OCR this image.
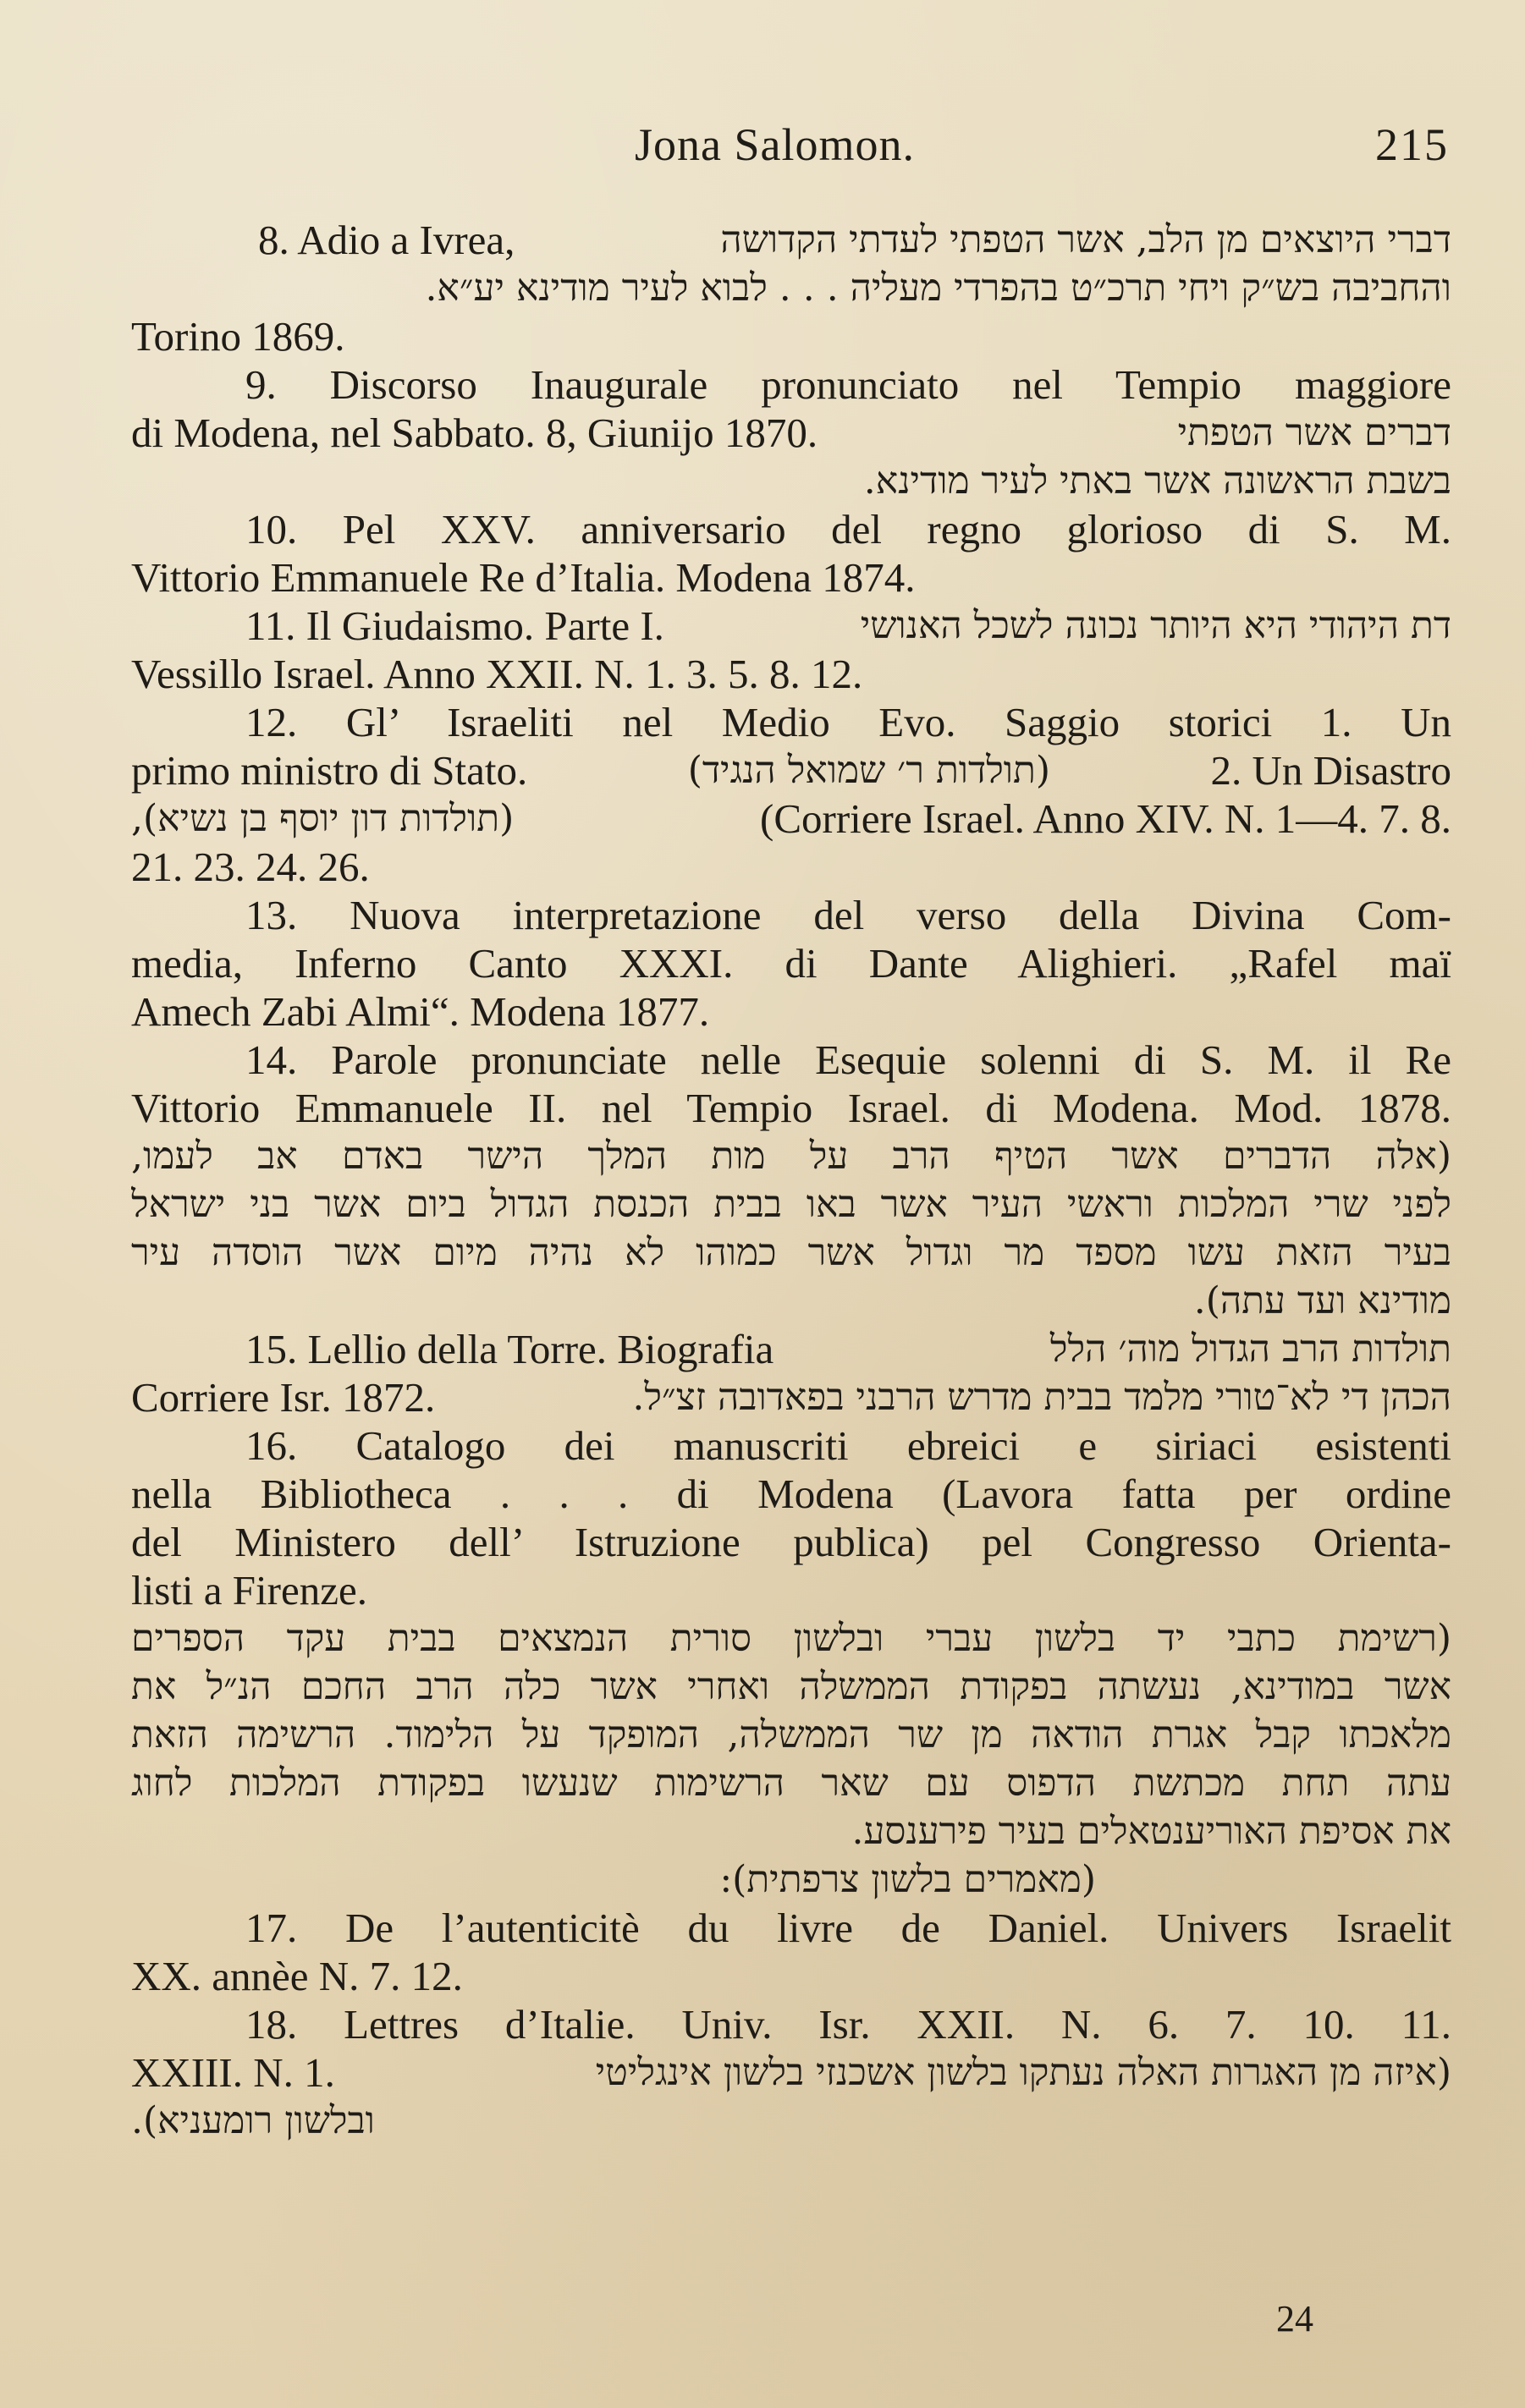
Jona Salomon.	215
8. Adio a Ivrea,	דברי היוצאים מן הלב, אשר הטפתי לעדתי הקדושה
והחביבה בש״ק ויחי תרכ״ט בהפרדי מעליה . . . לבוא לעיר מודינא יע״א.
Torino 1869.
9. Discorso Inaugurale pronunciato nel Tempio maggiore
di Modena, nel Sabbato. 8, Giunijo 1870.	דברים אשר הטפתי
בשבת הראשונה אשר באתי לעיר מודינא.
10. Pel XXV. anniversario del regno glorioso di S. M.
Vittorio Emmanuele Re d’Italia. Modena 1874.
11. Il Giudaismo. Parte I.	דת היהודי היא היותר נכונה לשכל האנושי
Vessillo Israel. Anno XXII. N. 1. 3. 5. 8. 12.
12. Gl’ Israeliti nel Medio Evo. Saggio storici 1. Un
primo ministro di Stato.	(תולדות ר׳ שמואל הנגיד)	2. Un Disastro
(תולדות דון יוסף בן נשיא),	(Corriere Israel. Anno XIV. N. 1—4. 7. 8.
21. 23. 24. 26.
13. Nuova interpretazione del verso della Divina Com-
media, Inferno Canto XXXI. di Dante Alighieri. „Rafel maï
Amech Zabi Almi“. Modena 1877.
14. Parole pronunciate nelle Esequie solenni di S. M. il Re
Vittorio Emmanuele II. nel Tempio Israel. di Modena. Mod. 1878.
(אלה הדברים אשר הטיף הרב על מות המלך הישר באדם אב לעמו,
לפני שרי המלכות וראשי העיר אשר באו בבית הכנסת הגדול ביום אשר בני ישראל
בעיר הזאת עשו מספד מר וגדול אשר כמוהו לא נהיה מיום אשר הוסדה עיר
מודינא ועד עתה).
15. Lellio della Torre. Biografia	תולדות הרב הגדול מוה׳ הלל
Corriere Isr. 1872.	הכהן די לא־טורי מלמד בבית מדרש הרבני בפאדובה זצ״ל.
16. Catalogo dei manuscriti ebreici e siriaci esistenti
nella Bibliotheca . . . di Modena (Lavora fatta per ordine
del Ministero dell’ Istruzione publica) pel Congresso Orienta-
listi a Firenze.
(רשימת כתבי יד בלשון עברי ובלשון סורית הנמצאים בבית עקד הספרים
אשר במודינא, נעשתה בפקודת הממשלה ואחרי אשר כלה הרב החכם הנ״ל את
מלאכתו קבל אגרת הודאה מן שר הממשלה, המופקד על הלימוד. הרשימה הזאת
עתה תחת מכתשת הדפוס עם שאר הרשימות שנעשו בפקודת המלכות לחוג
את אסיפת האוריענטאלים בעיר פירענסע.
(מאמרים בלשון צרפתית):
17. De l’autenticitè du livre de Daniel. Univers Israelit
XX. annèe N. 7. 12.
18. Lettres d’Italie. Univ. Isr. XXII. N. 6. 7. 10. 11.
XXIII. N. 1.	(איזה מן האגרות האלה נעתקו בלשון אשכנזי בלשון אינגליטי
ובלשון רומעניא).
24
